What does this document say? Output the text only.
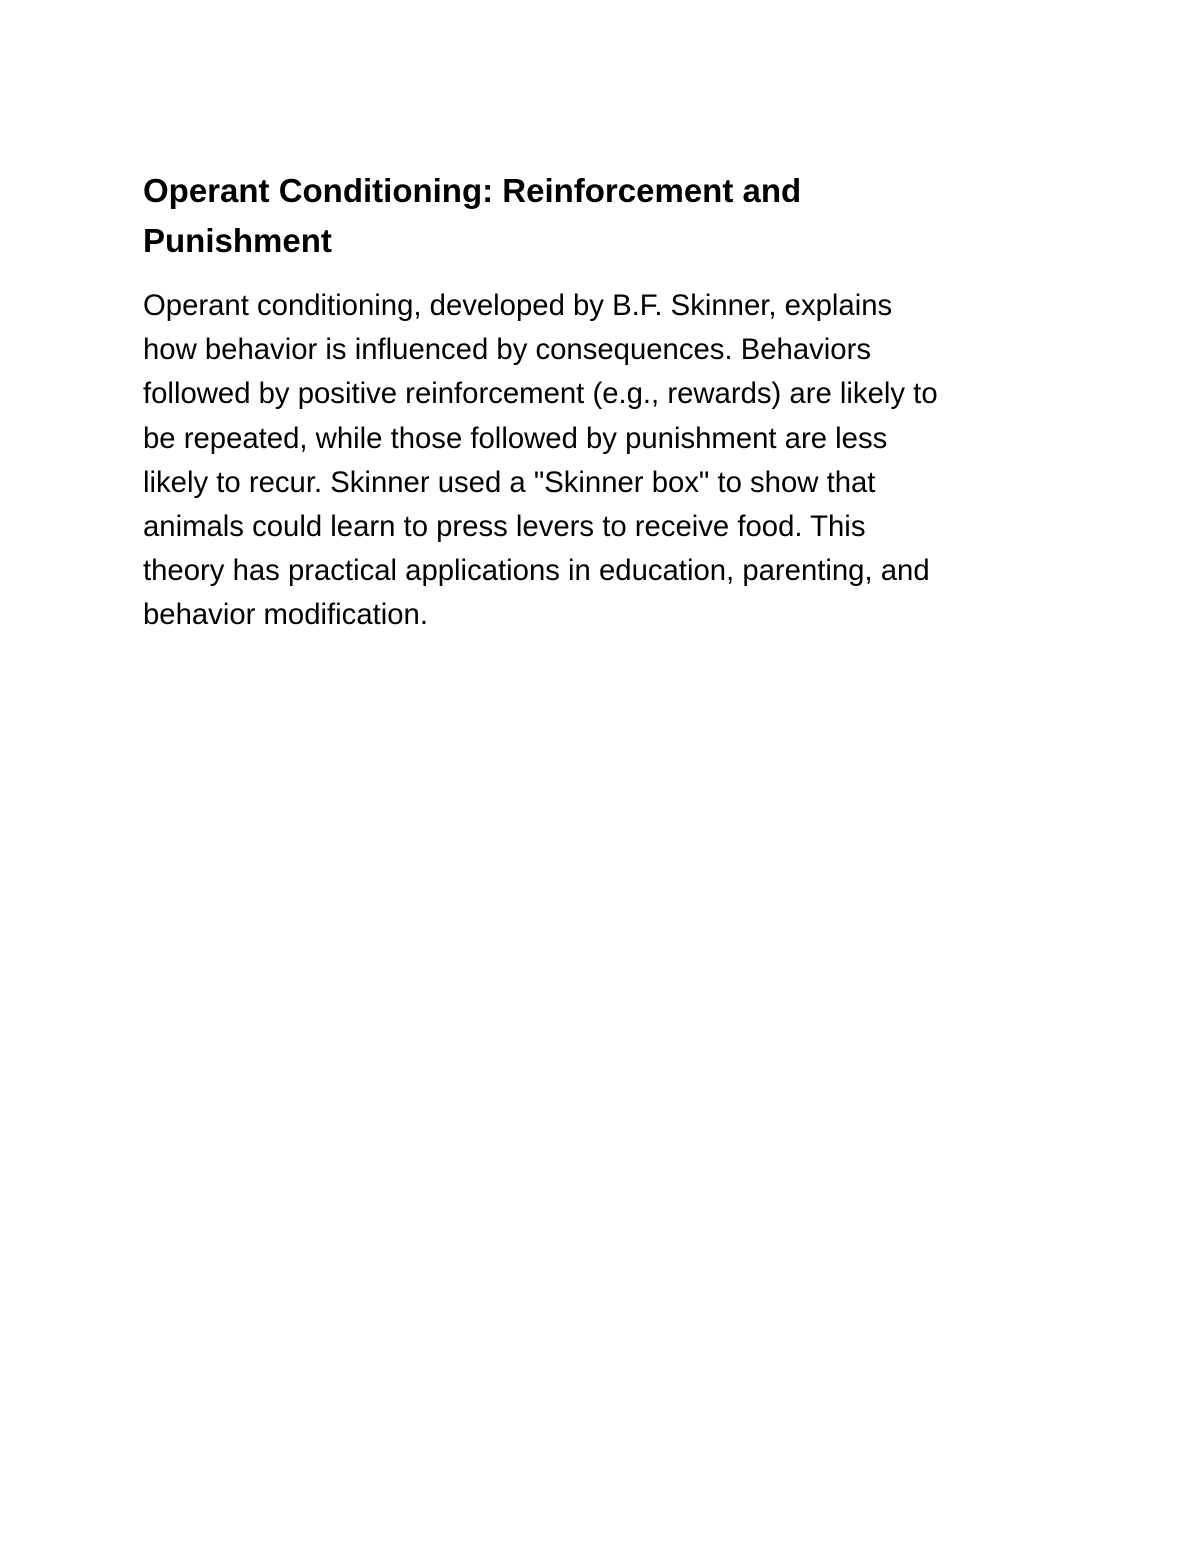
Operant Conditioning: Reinforcement and
Punishment

Operant conditioning, developed by B.F. Skinner, explains
how behavior is influenced by consequences. Behaviors
followed by positive reinforcement (e.g., rewards) are likely to
be repeated, while those followed by punishment are less
likely to recur. Skinner used a "Skinner box" to show that
animals could learn to press levers to receive food. This
theory has practical applications in education, parenting, and
behavior modification.
